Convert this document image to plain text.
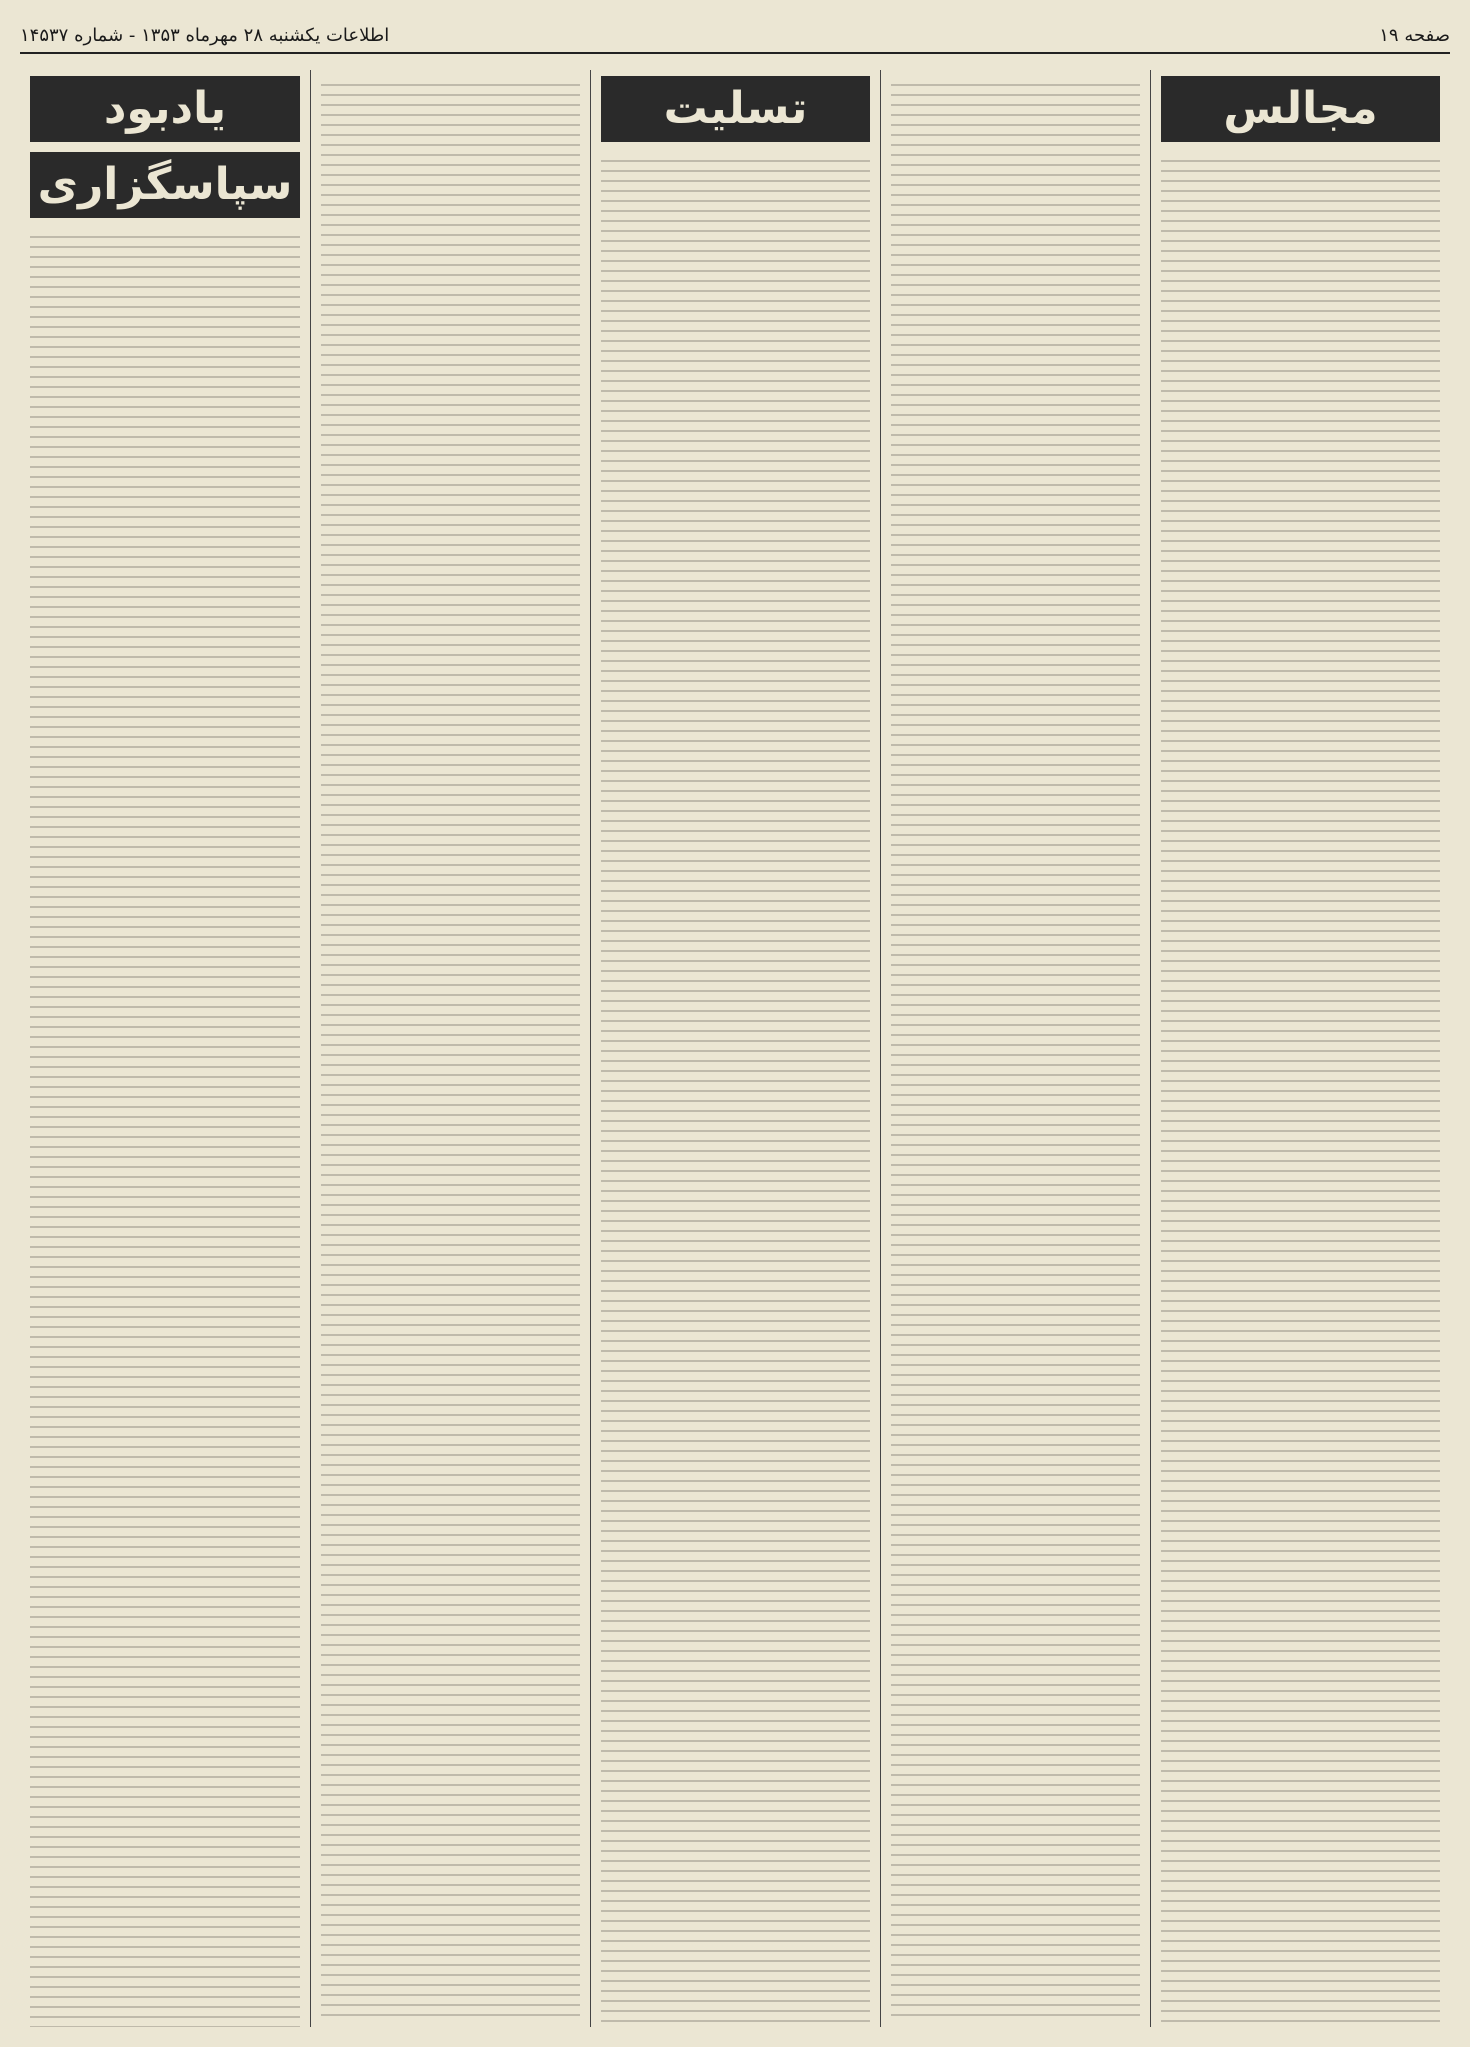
صفحه ۱۹
اطلاعات یکشنبه ۲۸ مهرماه ۱۳۵۳ - شماره ۱۴۵۳۷
مجالس
تسلیت
یادبود
سپاسگزاری
